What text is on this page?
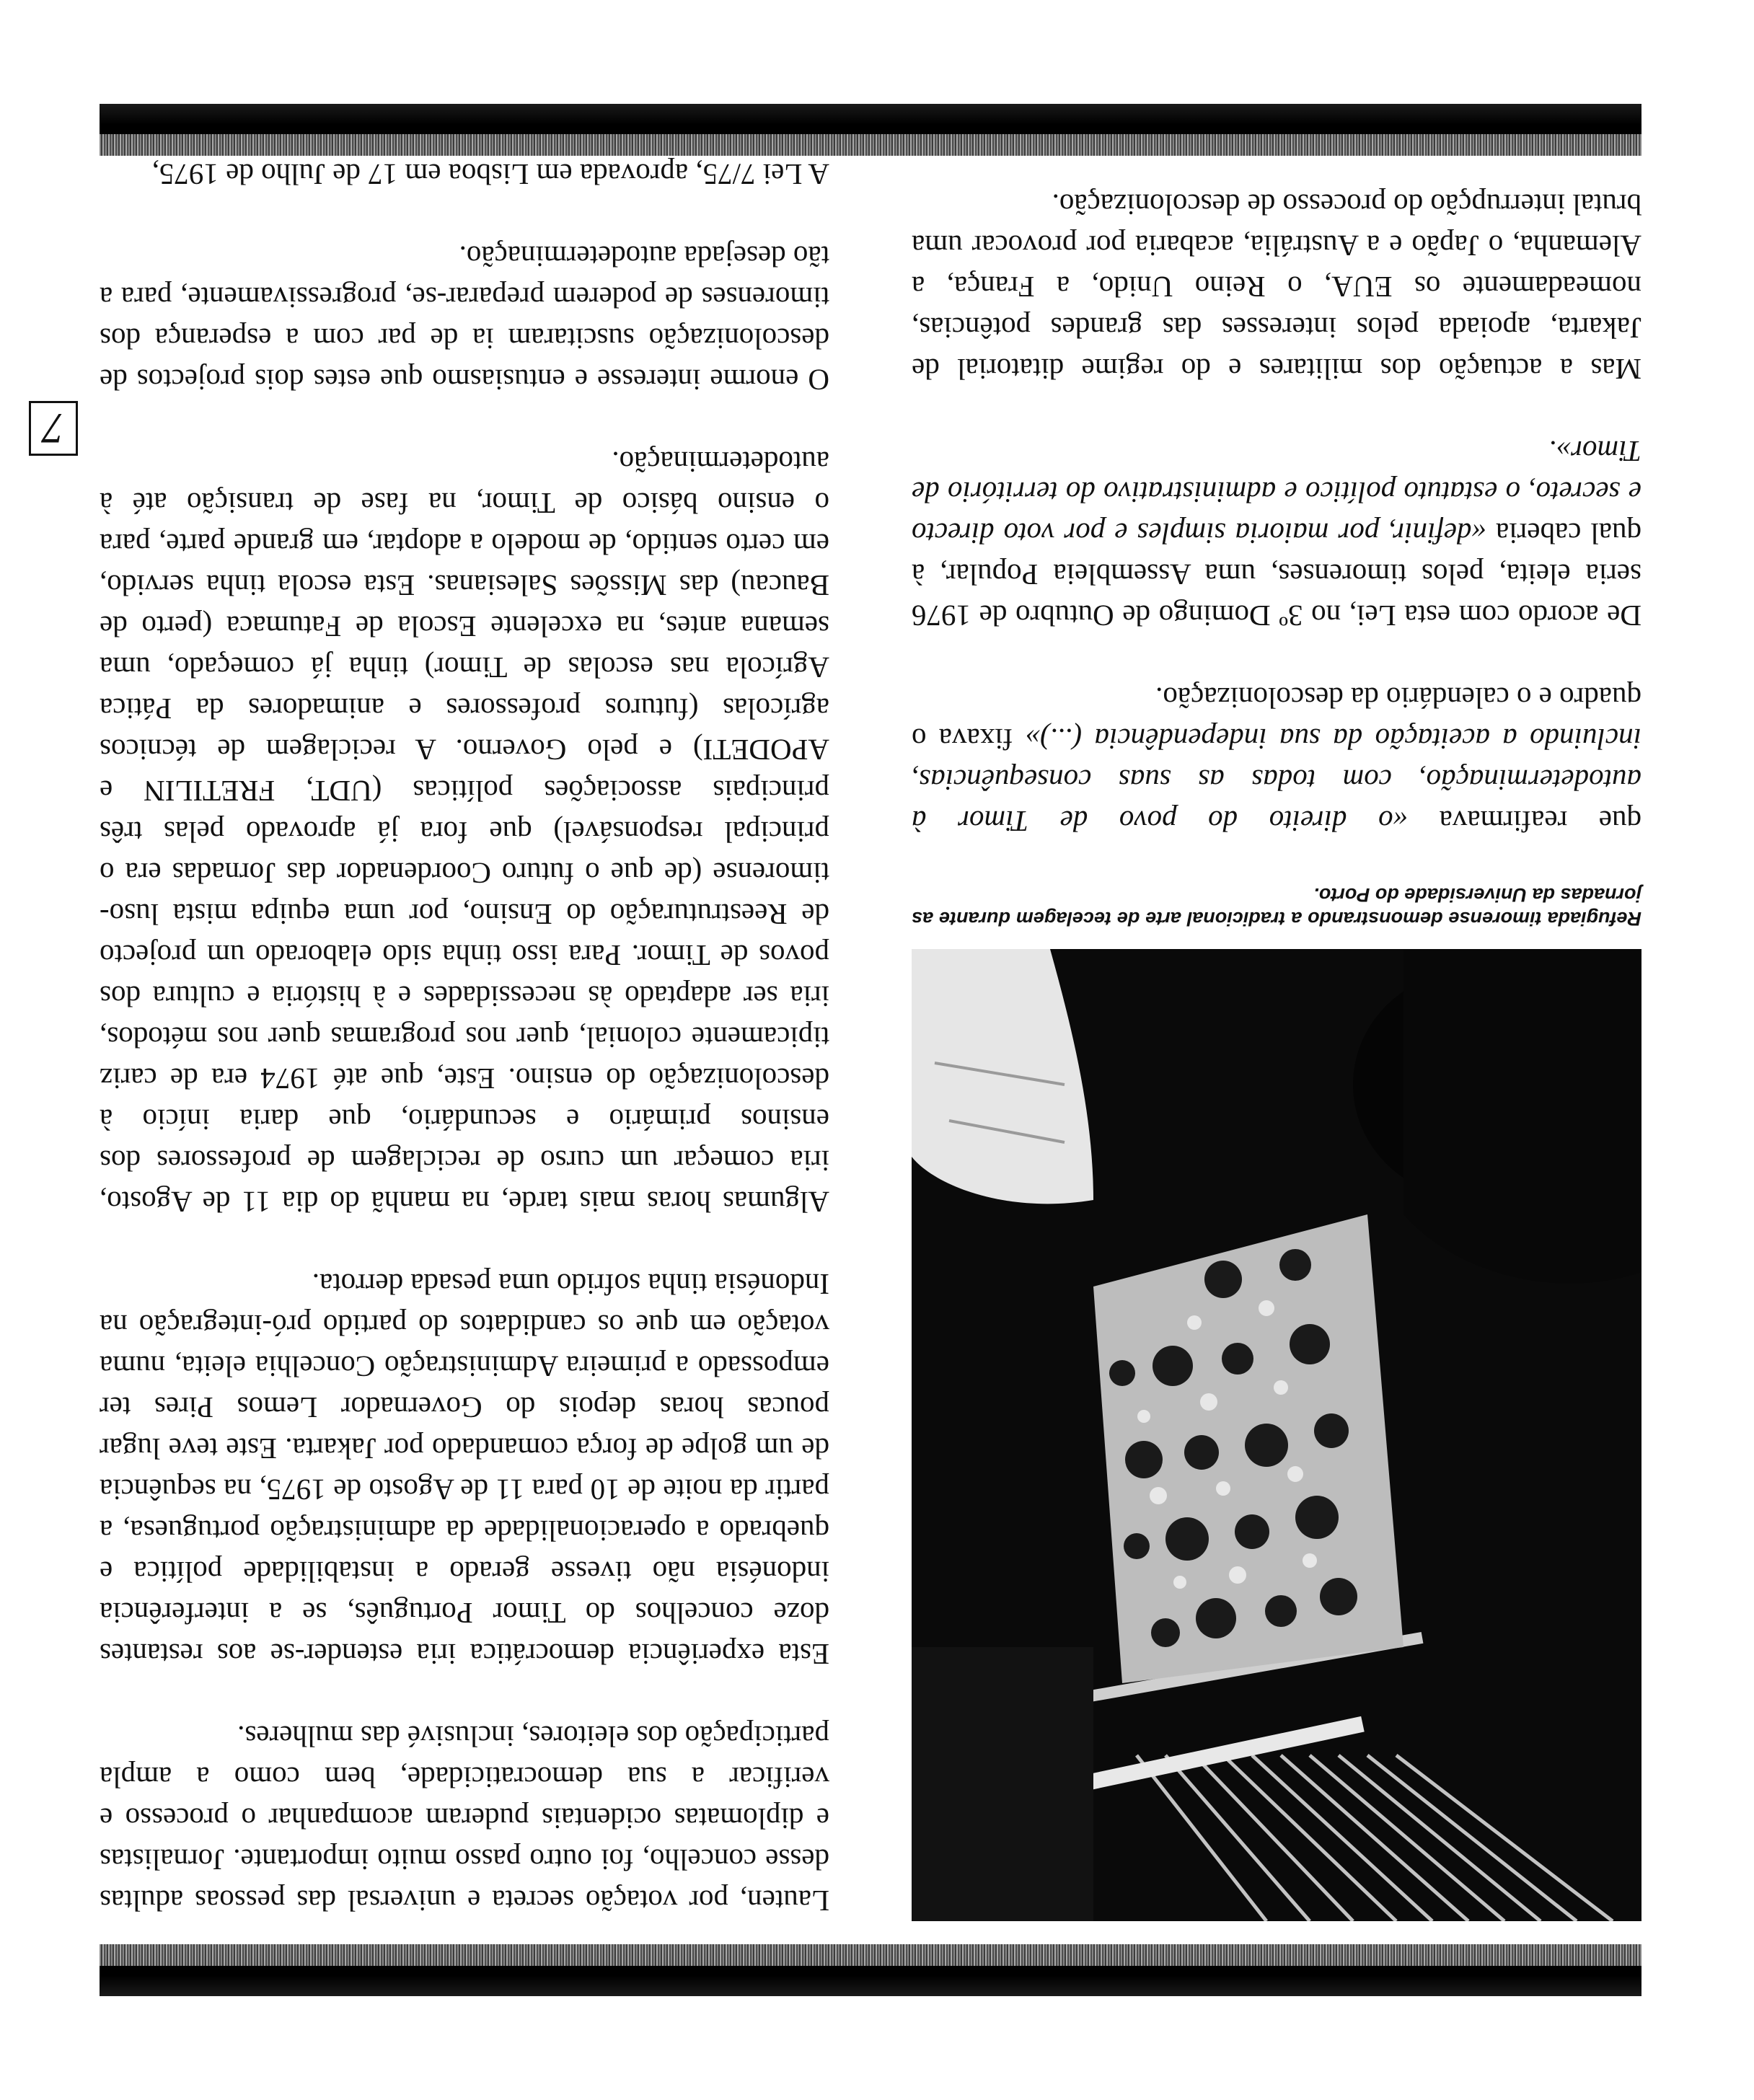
7

Refugiada timorense demonstrando a tradicional arte de tecelagem durante as jornadas da Universidade do Porto.

que reafirmava «o direito do povo de Timor à autodeterminação, com todas as suas consequências, incluindo a aceitação da sua independência (...)» fixava o quadro e o calendário da descolonização.

De acordo com esta Lei, no 3º Domingo de Outubro de 1976 seria eleita, pelos timorenses, uma Assembleia Popular, à qual caberia «definir, por maioria simples e por voto directo e secreto, o estatuto político e administrativo do território de Timor».

Mas a actuação dos militares e do regime ditatorial de Jakarta, apoiada pelos interesses das grandes potências, nomeadamente os EUA, o Reino Unido, a França, a Alemanha, o Japão e a Austrália, acabaria por provocar uma brutal interrupção do processo de descolonização.

Lauten, por votação secreta e universal das pessoas adultas desse concelho, foi outro passo muito importante. Jornalistas e diplomatas ocidentais puderam acompanhar o processo e verificar a sua democraticidade, bem como a ampla participação dos eleitores, inclusivé das mulheres.

Esta experiência democrática iria estender-se aos restantes doze concelhos do Timor Português, se a interferência indonésia não tivesse gerado a instabilidade política e quebrado a operacionalidade da administração portuguesa, a partir da noite de 10 para 11 de Agosto de 1975, na sequência de um golpe de força comandado por Jakarta. Este teve lugar poucas horas depois do Governador Lemos Pires ter empossado a primeira Administração Concelhia eleita, numa votação em que os candidatos do partido pró-integração na Indonésia tinha sofrido uma pesada derrota.

Algumas horas mais tarde, na manhã do dia 11 de Agosto, iria começar um curso de reciclagem de professores dos ensinos primário e secundário, que daria início à descolonização do ensino. Este, que até 1974 era de cariz tipicamente colonial, quer nos programas quer nos métodos, iria ser adaptado às necessidades e à história e cultura dos povos de Timor. Para isso tinha sido elaborado um projecto de Reestruturação do Ensino, por uma equipa mista luso-timorense (de que o futuro Coordenador das Jornadas era o principal responsável) que fora já aprovado pelas três principais associações políticas (UDT, FRETILIN e APODETI) e pelo Governo. A reciclagem de técnicos agrícolas (futuros professores e animadores da Pática Agrícola nas escolas de Timor) tinha já começado, uma semana antes, na excelente Escola de Fatumaca (perto de Baucau) das Missões Salesianas. Esta escola tinha servido, em certo sentido, de modelo a adoptar, em grande parte, para o ensino básico de Timor, na fase de transição até à autodeterminação.

O enorme interesse e entusiasmo que estes dois projectos de descolonização suscitaram ia de par com a esperança dos timorenses de poderem preparar-se, progressivamente, para a tão desejada autodeterminação.

A Lei 7/75, aprovada em Lisboa em 17 de Julho de 1975,
